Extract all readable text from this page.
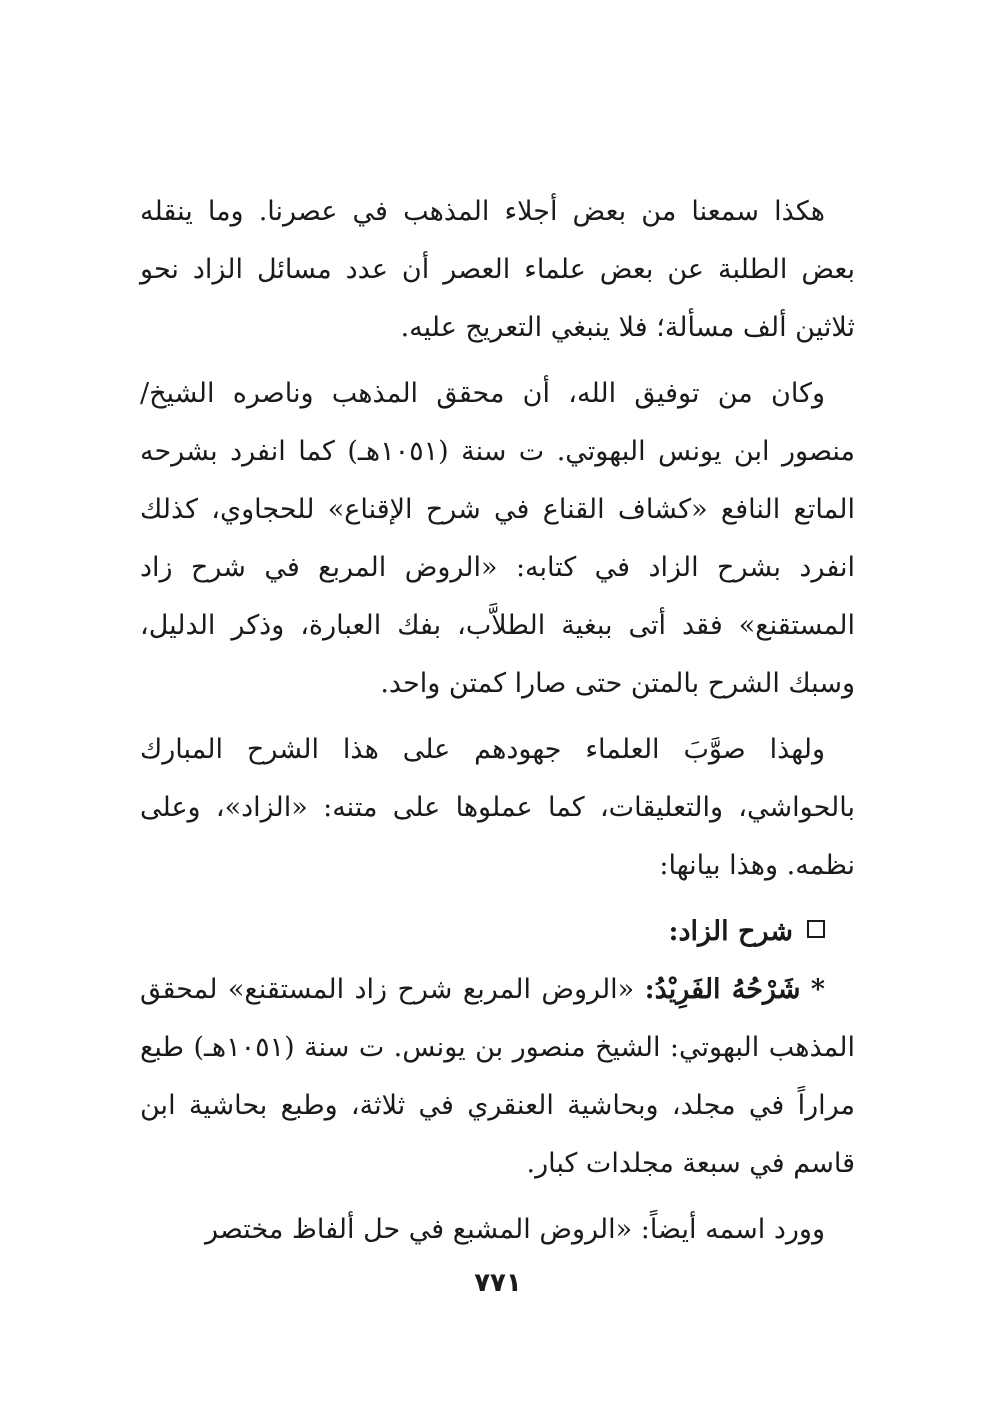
هكذا سمعنا من بعض أجلاء المذهب في عصرنا. وما ينقله بعض الطلبة عن بعض علماء العصر أن عدد مسائل الزاد نحو ثلاثين ألف مسألة؛ فلا ينبغي التعريج عليه.

وكان من توفيق الله، أن محقق المذهب وناصره الشيخ/ منصور ابن يونس البهوتي. ت سنة (١٠٥١هـ) كما انفرد بشرحه الماتع النافع «كشاف القناع في شرح الإقناع» للحجاوي، كذلك انفرد بشرح الزاد في كتابه: «الروض المربع في شرح زاد المستقنع» فقد أتى ببغية الطلاَّب، بفك العبارة، وذكر الدليل، وسبك الشرح بالمتن حتى صارا كمتن واحد.

ولهذا صوَّبَ العلماء جهودهم على هذا الشرح المبارك بالحواشي، والتعليقات، كما عملوها على متنه: «الزاد»، وعلى نظمه. وهذا بيانها:

شرح الزاد:

* شَرْحُهُ الفَرِيْدُ: «الروض المربع شرح زاد المستقنع» لمحقق المذهب البهوتي: الشيخ منصور بن يونس. ت سنة (١٠٥١هـ) طبع مراراً في مجلد، وبحاشية العنقري في ثلاثة، وطبع بحاشية ابن قاسم في سبعة مجلدات كبار.

وورد اسمه أيضاً: «الروض المشبع في حل ألفاظ مختصر

٧٧١
